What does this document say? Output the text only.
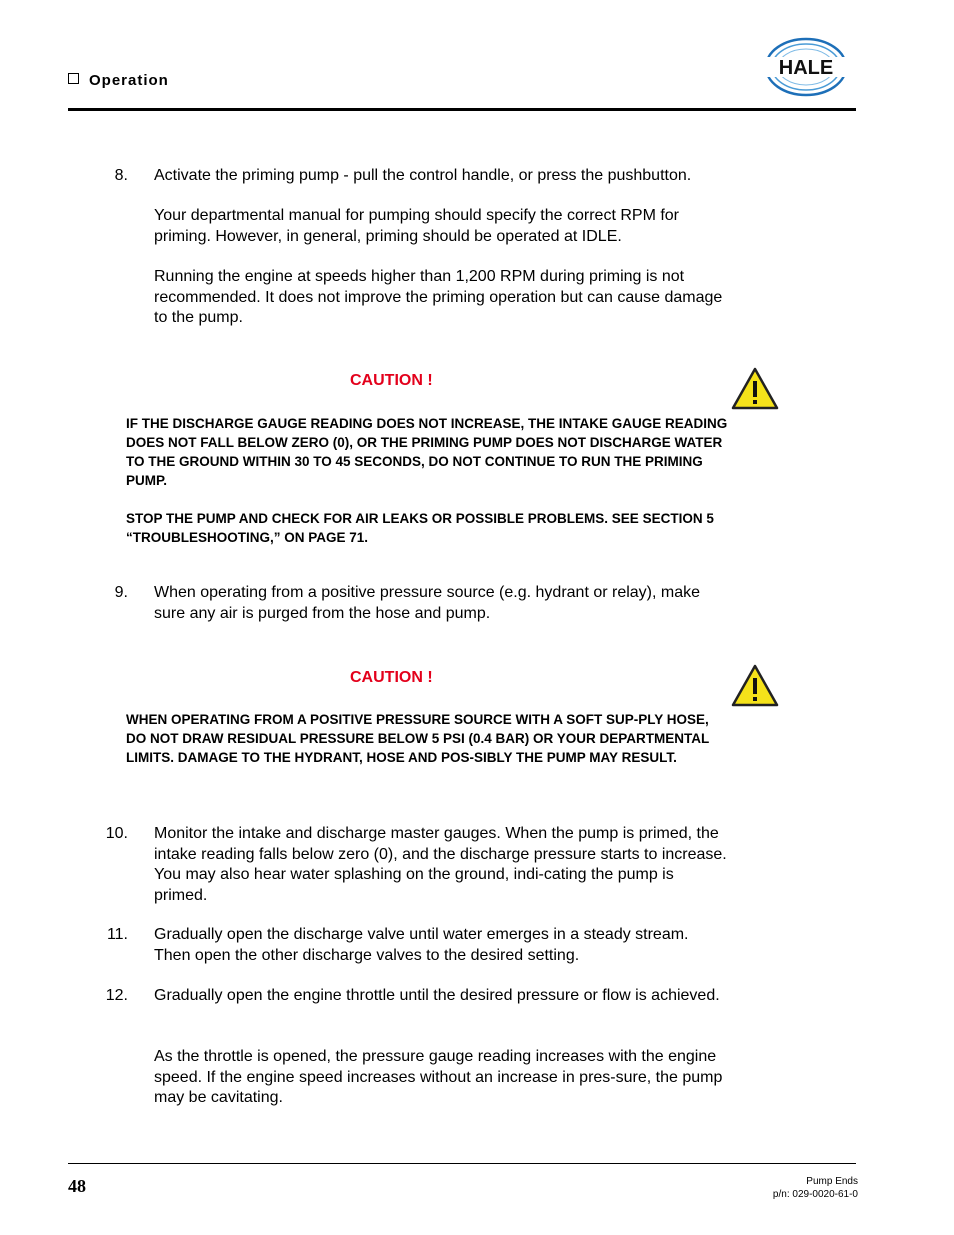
Operation
HALE
8. Activate the priming pump - pull the control handle, or press the pushbutton.
Your departmental manual for pumping should specify the correct RPM for priming. However, in general, priming should be operated at IDLE.
Running the engine at speeds higher than 1,200 RPM during priming is not recommended. It does not improve the priming operation but can cause damage to the pump.
CAUTION !
IF THE DISCHARGE GAUGE READING DOES NOT INCREASE, THE INTAKE GAUGE READING DOES NOT FALL BELOW ZERO (0), OR THE PRIMING PUMP DOES NOT DISCHARGE WATER TO THE GROUND WITHIN 30 TO 45 SECONDS, DO NOT CONTINUE TO RUN THE PRIMING PUMP.
STOP THE PUMP AND CHECK FOR AIR LEAKS OR POSSIBLE PROBLEMS. SEE SECTION 5 “TROUBLESHOOTING,” ON PAGE 71.
9. When operating from a positive pressure source (e.g. hydrant or relay), make sure any air is purged from the hose and pump.
CAUTION !
WHEN OPERATING FROM A POSITIVE PRESSURE SOURCE WITH A SOFT SUP-PLY HOSE, DO NOT DRAW RESIDUAL PRESSURE BELOW 5 PSI (0.4 BAR) OR YOUR DEPARTMENTAL LIMITS. DAMAGE TO THE HYDRANT, HOSE AND POS-SIBLY THE PUMP MAY RESULT.
10. Monitor the intake and discharge master gauges. When the pump is primed, the intake reading falls below zero (0), and the discharge pressure starts to increase. You may also hear water splashing on the ground, indi-cating the pump is primed.
11. Gradually open the discharge valve until water emerges in a steady stream. Then open the other discharge valves to the desired setting.
12. Gradually open the engine throttle until the desired pressure or flow is achieved.
As the throttle is opened, the pressure gauge reading increases with the engine speed. If the engine speed increases without an increase in pres-sure, the pump may be cavitating.
48	Pump Ends
p/n: 029-0020-61-0
